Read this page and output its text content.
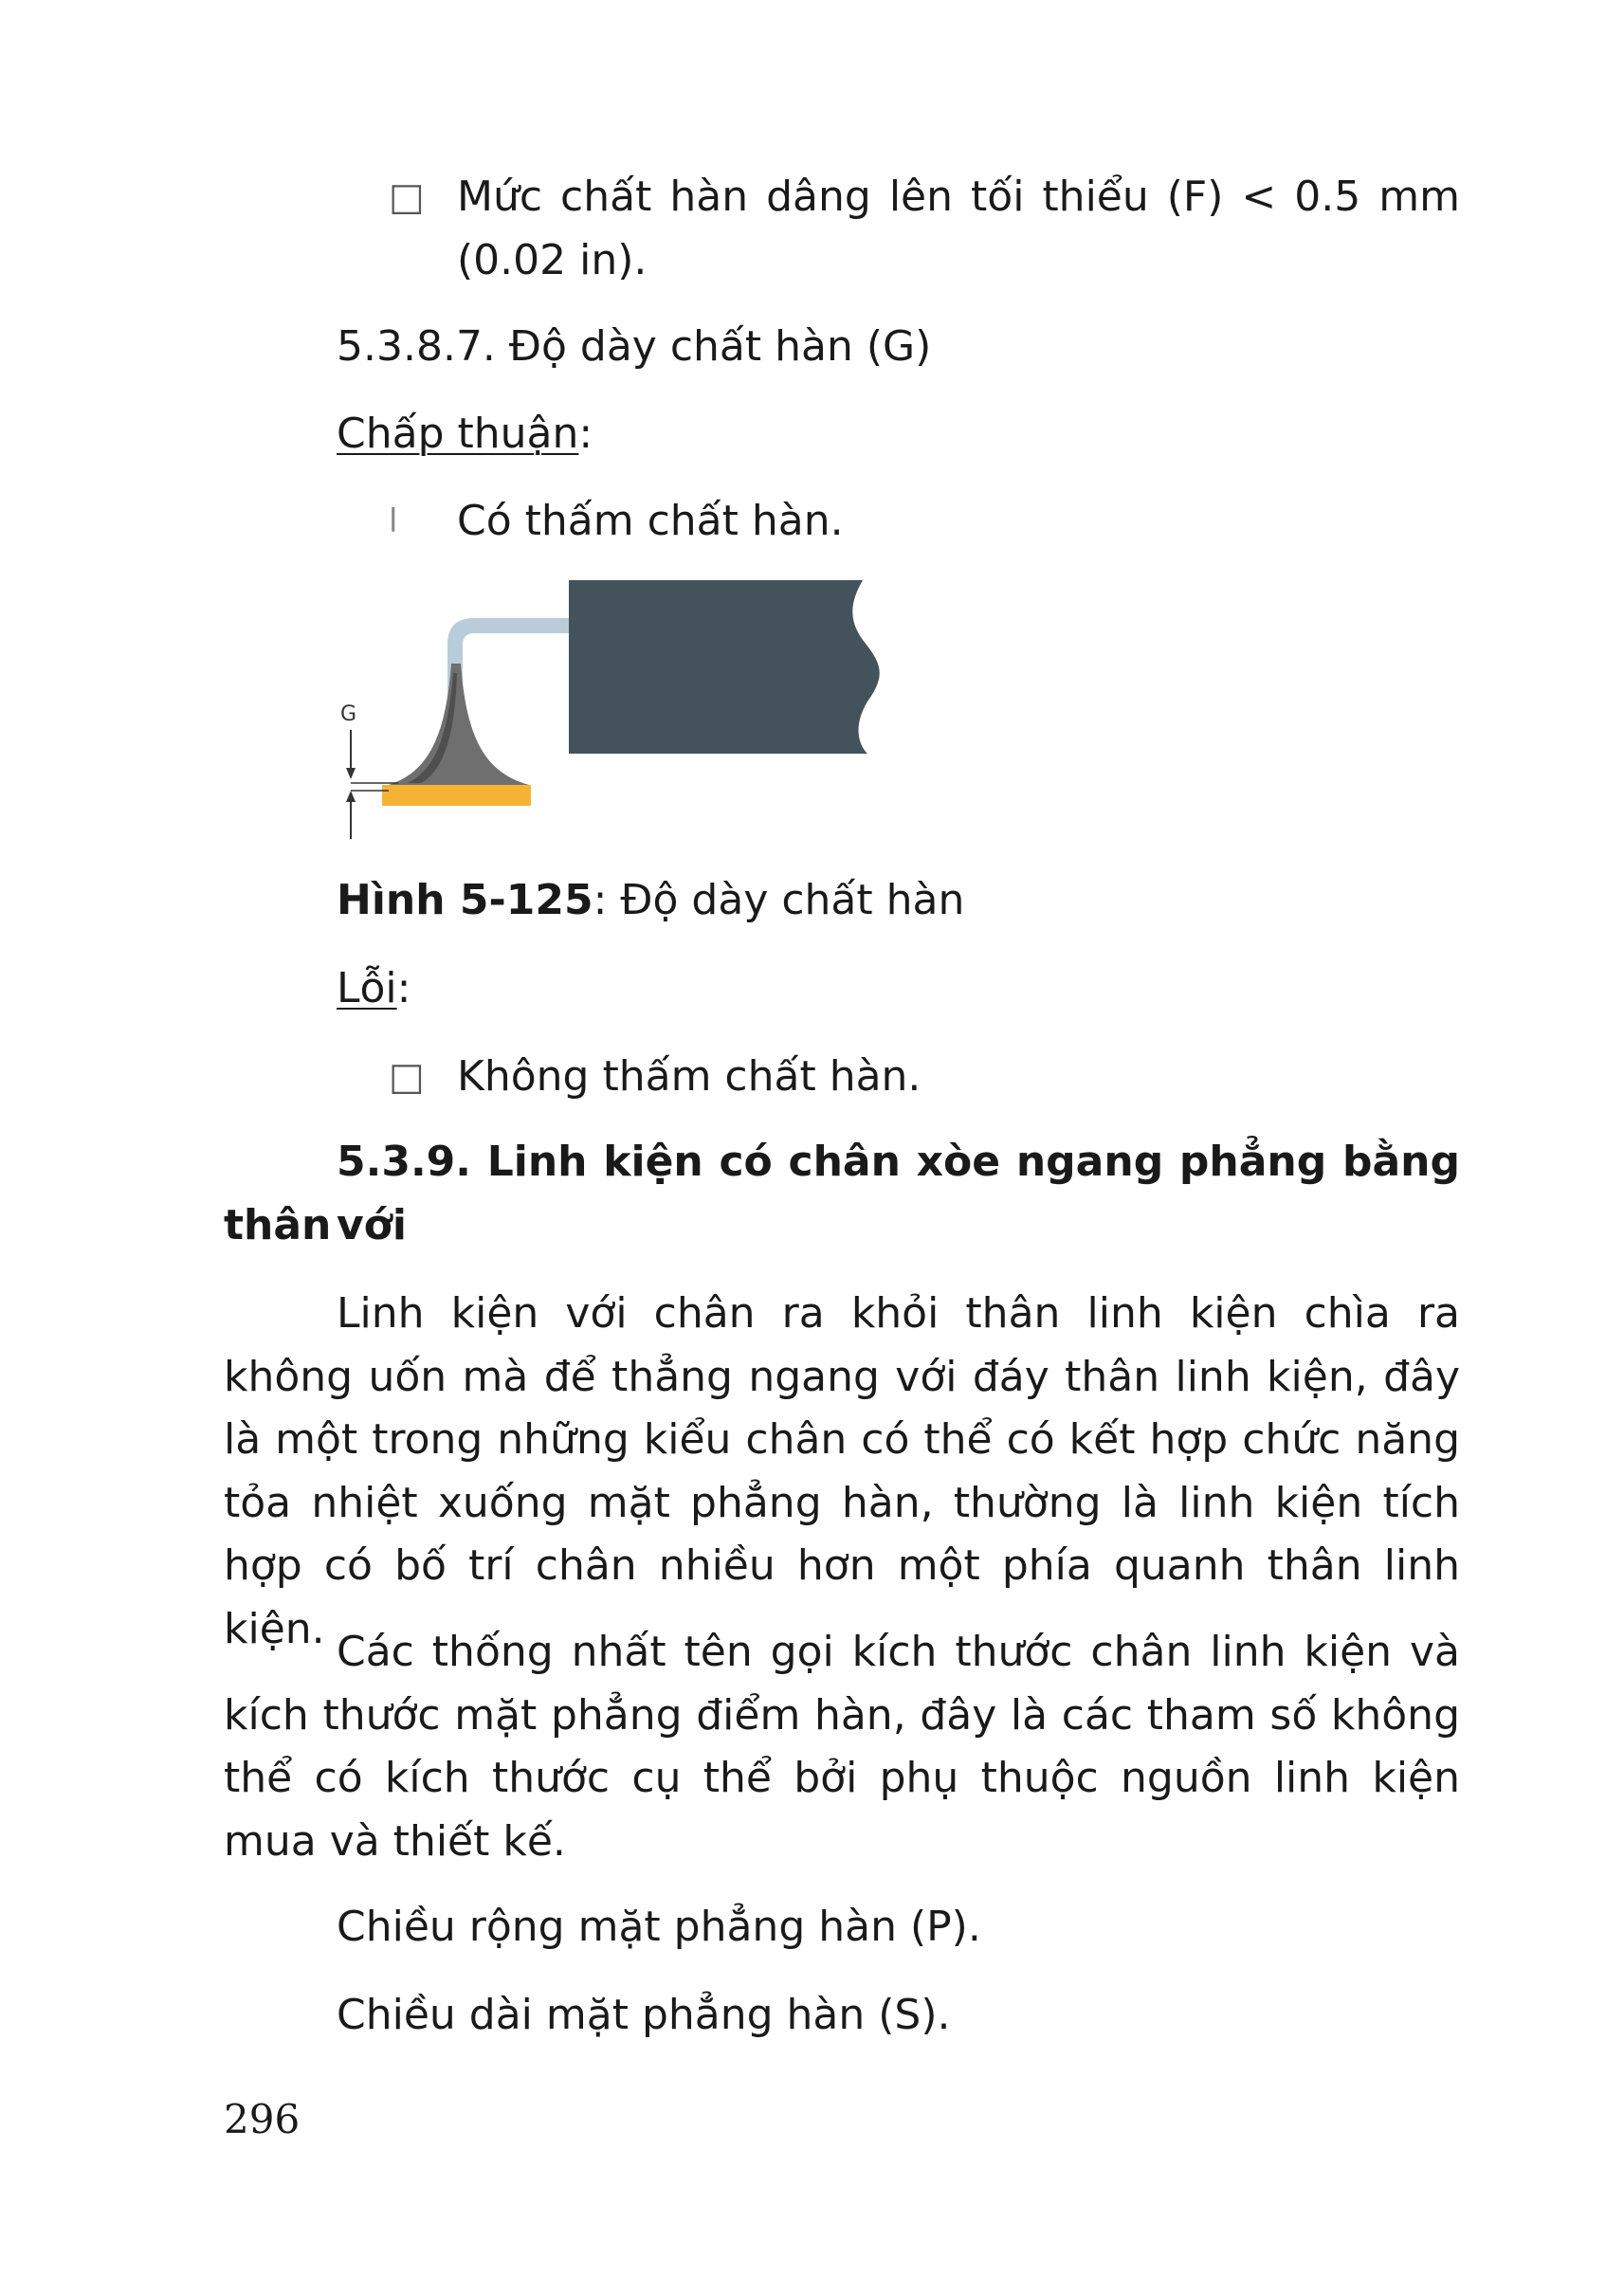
□ Mức chất hàn dâng lên tối thiểu (F) < 0.5 mm
(0.02 in).
5.3.8.7. Độ dày chất hàn (G)
Chấp thuận:
l Có thấm chất hàn.
G
Hình 5-125: Độ dày chất hàn
Lỗi:
□ Không thấm chất hàn.
5.3.9. Linh kiện có chân xòe ngang phẳng bằng với
thân

Linh kiện với chân ra khỏi thân linh kiện chìa ra không uốn mà để thẳng ngang với đáy thân linh kiện, đây là một trong những kiểu chân có thể có kết hợp chức năng tỏa nhiệt xuống mặt phẳng hàn, thường là linh kiện tích hợp có bố trí chân nhiều hơn một phía quanh thân linh kiện. Các thống nhất tên gọi kích thước chân linh kiện và kích thước mặt phẳng điểm hàn, đây là các tham số không thể có kích thước cụ thể bởi phụ thuộc nguồn linh kiện mua và thiết kế.

Chiều rộng mặt phẳng hàn (P).
Chiều dài mặt phẳng hàn (S).
296
